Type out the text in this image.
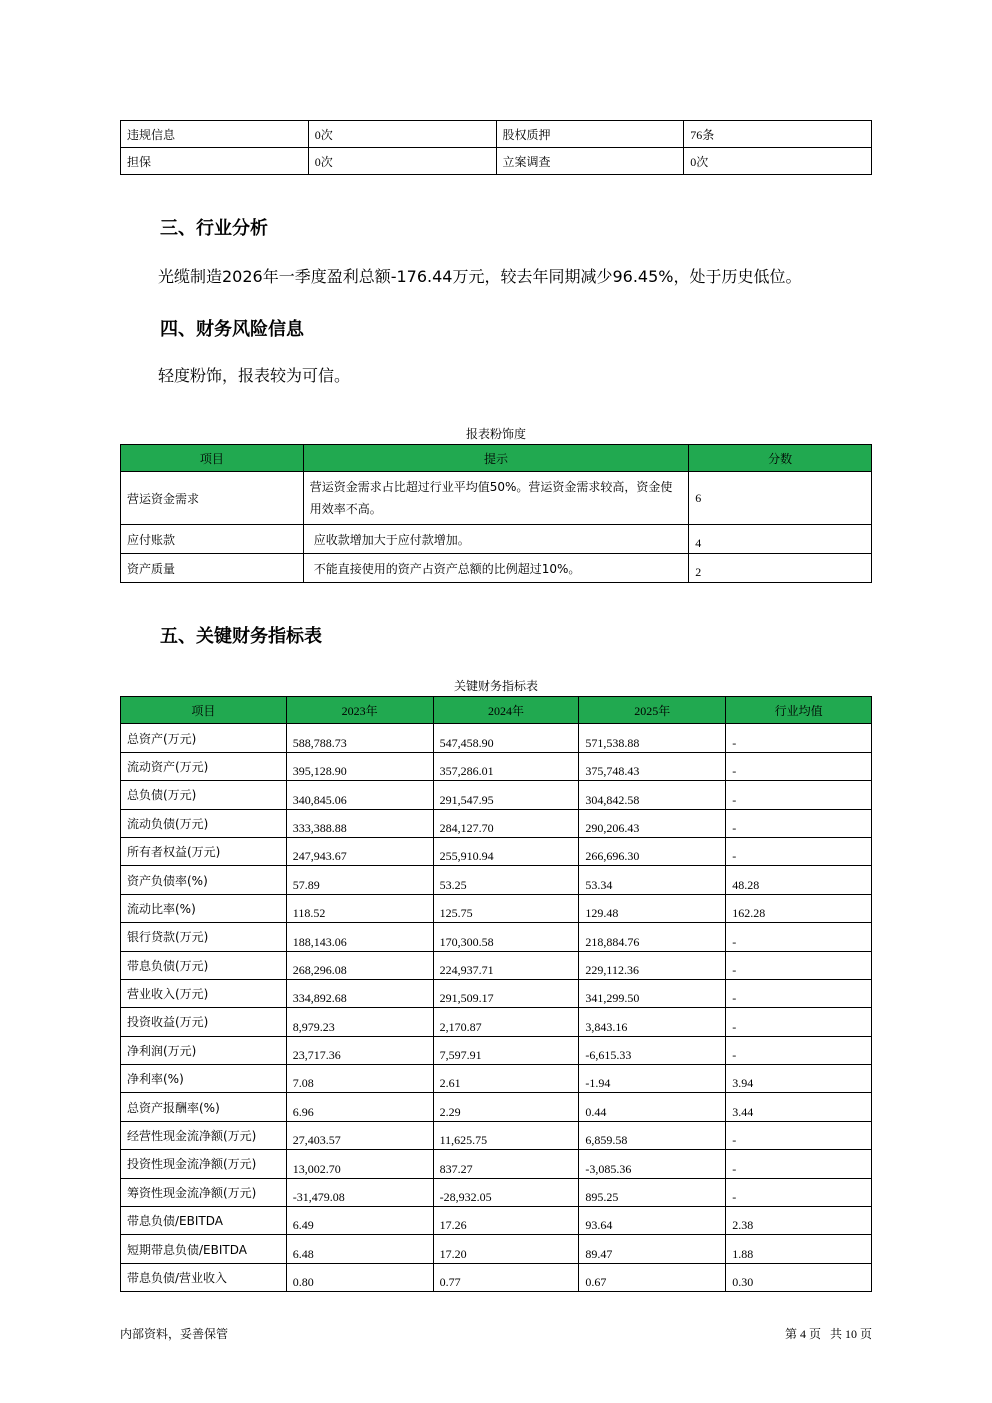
违规信息	0次	股权质押	76条
担保	0次	立案调查	0次
三、行业分析

光缆制造2026年一季度盈利总额-176.44万元，较去年同期减少96.45%，处于历史低位。

四、财务风险信息

轻度粉饰，报表较为可信。

报表粉饰度

项目	提示	分数
营运资金需求	营运资金需求占比超过行业平均值50%。营运资金需求较高，资金使用效率不高。	6
应付账款	应收款增加大于应付款增加。	4
资产质量	不能直接使用的资产占资产总额的比例超过10%。	2
五、关键财务指标表

关键财务指标表

项目	2023年	2024年	2025年	行业均值
总资产(万元)	588,788.73	547,458.90	571,538.88	-
流动资产(万元)	395,128.90	357,286.01	375,748.43	-
总负债(万元)	340,845.06	291,547.95	304,842.58	-
流动负债(万元)	333,388.88	284,127.70	290,206.43	-
所有者权益(万元)	247,943.67	255,910.94	266,696.30	-
资产负债率(%)	57.89	53.25	53.34	48.28
流动比率(%)	118.52	125.75	129.48	162.28
银行贷款(万元)	188,143.06	170,300.58	218,884.76	-
带息负债(万元)	268,296.08	224,937.71	229,112.36	-
营业收入(万元)	334,892.68	291,509.17	341,299.50	-
投资收益(万元)	8,979.23	2,170.87	3,843.16	-
净利润(万元)	23,717.36	7,597.91	-6,615.33	-
净利率(%)	7.08	2.61	-1.94	3.94
总资产报酬率(%)	6.96	2.29	0.44	3.44
经营性现金流净额(万元)	27,403.57	11,625.75	6,859.58	-
投资性现金流净额(万元)	13,002.70	837.27	-3,085.36	-
筹资性现金流净额(万元)	-31,479.08	-28,932.05	895.25	-
带息负债/EBITDA	6.49	17.26	93.64	2.38
短期带息负债/EBITDA	6.48	17.20	89.47	1.88
带息负债/营业收入	0.80	0.77	0.67	0.30

内部资料，妥善保管	第 4 页   共 10 页
